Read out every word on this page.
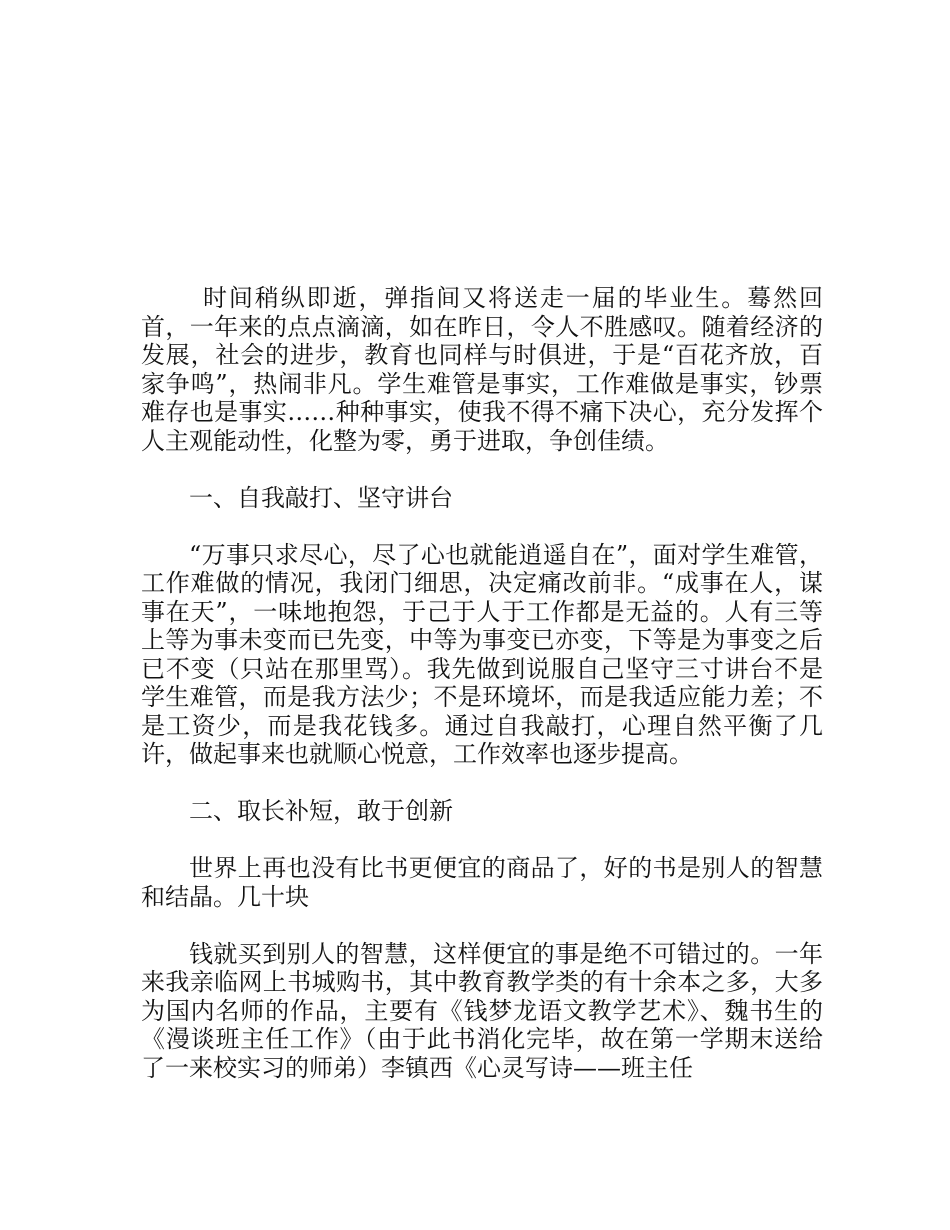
时间稍纵即逝，弹指间又将送走一届的毕业生。蓦然回首，一年来的点点滴滴，如在昨日，令人不胜感叹。随着经济的发展，社会的进步，教育也同样与时俱进，于是“百花齐放，百家争鸣”，热闹非凡。学生难管是事实，工作难做是事实，钞票难存也是事实……种种事实，使我不得不痛下决心，充分发挥个人主观能动性，化整为零，勇于进取，争创佳绩。

一、自我敲打、坚守讲台

“万事只求尽心，尽了心也就能逍遥自在”，面对学生难管，工作难做的情况，我闭门细思，决定痛改前非。“成事在人，谋事在天”，一味地抱怨，于己于人于工作都是无益的。人有三等上等为事未变而已先变，中等为事变已亦变，下等是为事变之后已不变（只站在那里骂）。我先做到说服自己坚守三寸讲台不是学生难管，而是我方法少；不是环境坏，而是我适应能力差；不是工资少，而是我花钱多。通过自我敲打，心理自然平衡了几许，做起事来也就顺心悦意，工作效率也逐步提高。

二、取长补短，敢于创新

世界上再也没有比书更便宜的商品了，好的书是别人的智慧和结晶。几十块

钱就买到别人的智慧，这样便宜的事是绝不可错过的。一年来我亲临网上书城购书，其中教育教学类的有十余本之多，大多为国内名师的作品，主要有《钱梦龙语文教学艺术》、魏书生的《漫谈班主任工作》（由于此书消化完毕，故在第一学期末送给了一来校实习的师弟）李镇西《心灵写诗——班主任
